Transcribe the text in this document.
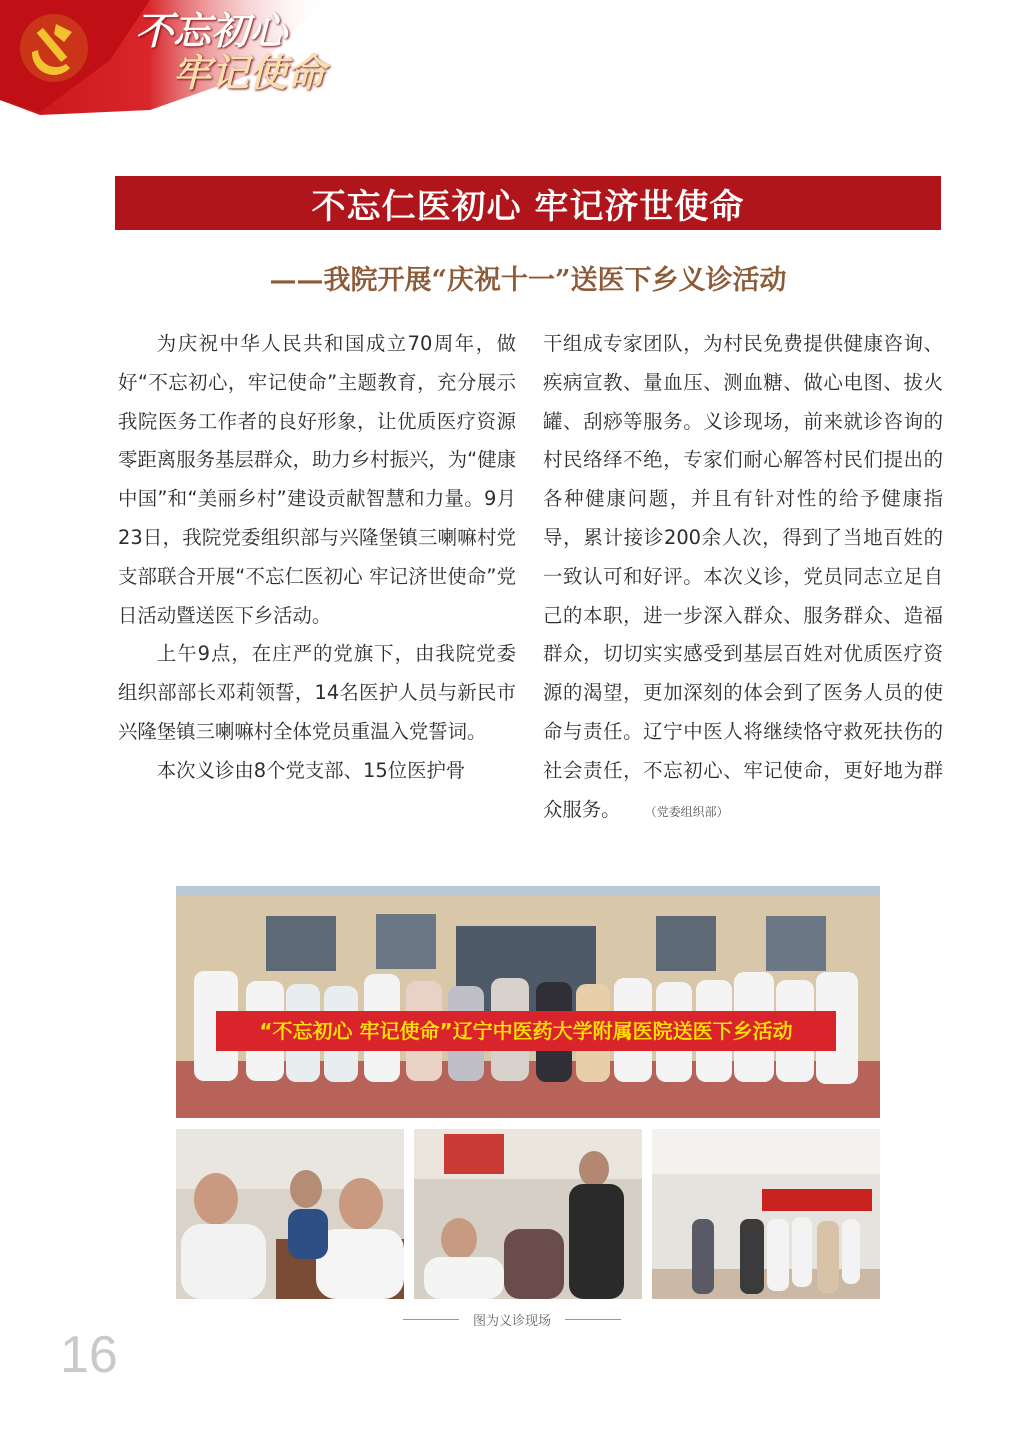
不忘初心
牢记使命
不忘仁医初心 牢记济世使命
——我院开展“庆祝十一”送医下乡义诊活动

为庆祝中华人民共和国成立70周年，做好“不忘初心，牢记使命”主题教育，充分展示我院医务工作者的良好形象，让优质医疗资源零距离服务基层群众，助力乡村振兴，为“健康中国”和“美丽乡村”建设贡献智慧和力量。9月23日，我院党委组织部与兴隆堡镇三喇嘛村党支部联合开展“不忘仁医初心 牢记济世使命”党日活动暨送医下乡活动。

上午9点，在庄严的党旗下，由我院党委组织部部长邓莉领誓，14名医护人员与新民市兴隆堡镇三喇嘛村全体党员重温入党誓词。

本次义诊由8个党支部、15位医护骨

干组成专家团队，为村民免费提供健康咨询、疾病宣教、量血压、测血糖、做心电图、拔火罐、刮痧等服务。义诊现场，前来就诊咨询的村民络绎不绝，专家们耐心解答村民们提出的各种健康问题，并且有针对性的给予健康指导，累计接诊200余人次，得到了当地百姓的一致认可和好评。本次义诊，党员同志立足自己的本职，进一步深入群众、服务群众、造福群众，切切实实感受到基层百姓对优质医疗资源的渴望，更加深刻的体会到了医务人员的使命与责任。辽宁中医人将继续恪守救死扶伤的社会责任，不忘初心、牢记使命，更好地为群众服务。	（党委组织部）

“不忘初心 牢记使命”辽宁中医药大学附属医院送医下乡活动
图为义诊现场
16
